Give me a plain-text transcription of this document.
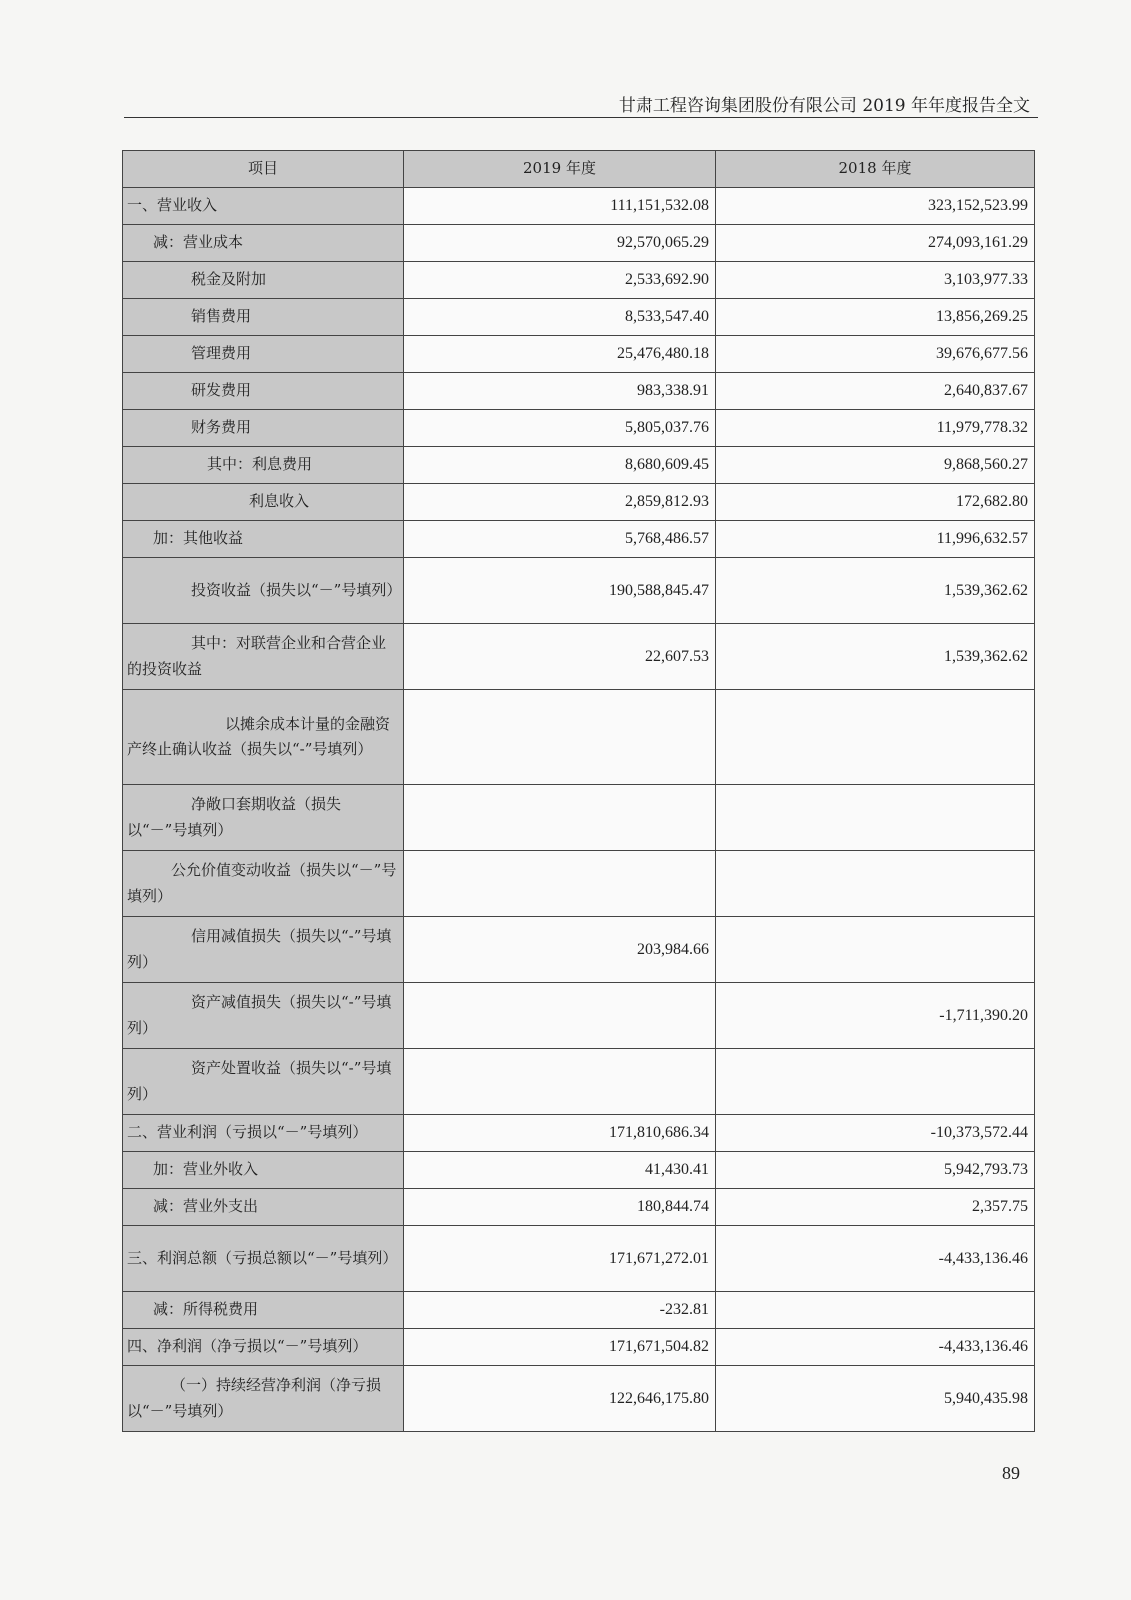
甘肃工程咨询集团股份有限公司 2019 年年度报告全文
项目	2019 年度	2018 年度
一、营业收入	111,151,532.08	323,152,523.99
减：营业成本	92,570,065.29	274,093,161.29
税金及附加	2,533,692.90	3,103,977.33
销售费用	8,533,547.40	13,856,269.25
管理费用	25,476,480.18	39,676,677.56
研发费用	983,338.91	2,640,837.67
财务费用	5,805,037.76	11,979,778.32
其中：利息费用	8,680,609.45	9,868,560.27
利息收入	2,859,812.93	172,682.80
加：其他收益	5,768,486.57	11,996,632.57
投资收益（损失以“－”号填列）	190,588,845.47	1,539,362.62
其中：对联营企业和合营企业的投资收益	22,607.53	1,539,362.62
以摊余成本计量的金融资产终止确认收益（损失以“-”号填列）		
净敞口套期收益（损失以“－”号填列）		
公允价值变动收益（损失以“－”号填列）		
信用减值损失（损失以“-”号填列）	203,984.66	
资产减值损失（损失以“-”号填列）		-1,711,390.20
资产处置收益（损失以“-”号填列）		
二、营业利润（亏损以“－”号填列）	171,810,686.34	-10,373,572.44
加：营业外收入	41,430.41	5,942,793.73
减：营业外支出	180,844.74	2,357.75
三、利润总额（亏损总额以“－”号填列）	171,671,272.01	-4,433,136.46
减：所得税费用	-232.81	
四、净利润（净亏损以“－”号填列）	171,671,504.82	-4,433,136.46
（一）持续经营净利润（净亏损以“－”号填列）	122,646,175.80	5,940,435.98
89
